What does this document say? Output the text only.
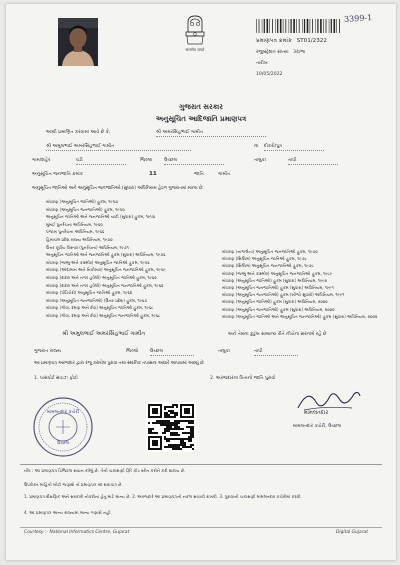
सत्यमेव जयते
3399-1
પ્રમાણપત્ર ક્રમાંક ST01/2322
રજીસ્ટ્રેશન સંખ્યા 34/ભા
તારીખ
10/05/2022
ગુજરાત સરકાર
અનુસૂચિત આદિજાતિ પ્રમાણપત્ર
આથી પ્રમાણિત કરવામાં આવે છે કે,	શ્રી અમરસિંહભાઈ ગામીત
શ્રી અમુલભાઈ અમરસિંહભાઈ ગામીત	ના દીકરો/પુત્ર
ગામ/શહેર	વડી	જિલ્લા	ઉચ્છલ	તાલુકા	તાપી
અનુસૂચિત જનજાતિ ક્રમાંક	11	જાતિ	ગામીત
અનુસૂચિત જાતિઓ અને અનુસૂચિત જનજાતિઓ (સુધારા) અધિનિયમ હેઠળ ગુજરાતમાં માન્ય છે.
બંધારણ (અનુસૂચિત જાતિઓ) હુકમ, ૧૯૫૦
બંધારણ (અનુસૂચિત જનજાતિઓ) હુકમ, ૧૯૫૦
અનુસૂચિત જાતિઓ અને જનજાતિઓ યાદી (સુધારા) હુકમ, ૧૯૫૬
મુંબઈ પુનર્રચના અધિનિયમ, ૧૯૬૦
પંજાબ પુનર્રચના અધિનિયમ, ૧૯૬૬
હિમાચલ પ્રદેશ રાજ્ય અધિનિયમ, ૧૯૭૦
ઉત્તર પૂર્વીય વિસ્તાર (પુનર્રચના) અધિનિયમ, ૧૯૭૧
અનુસૂચિત જાતિઓ અને જનજાતિઓ હુકમ (સુધારા) અધિનિયમ, ૧૯૭૬
બંધારણ (જમ્મુ અને કાશ્મીર) અનુસૂચિત જાતિઓ હુકમ, ૧૯૫૬
બંધારણ (આંદામાન અને નિકોબાર) અનુસૂચિત જનજાતિઓ હુકમ, ૧૯૫૯
બંધારણ (દાદરા અને નગર હવેલી) અનુસૂચિત જાતિઓ હુકમ, ૧૯૬૨
બંધારણ (દાદરા અને નગર હવેલી) અનુસૂચિત જનજાતિઓ હુકમ, ૧૯૬૨
બંધારણ (પોંડિચેરી) અનુસૂચિત જાતિઓ હુકમ, ૧૯૬૪
બંધારણ (અનુસૂચિત જનજાતિઓ) (ઉત્તર પ્રદેશ) હુકમ, ૧૯૬૭
બંધારણ (ગોવા, દમણ અને દીવ) અનુસૂચિત જાતિઓ હુકમ, ૧૯૬૮
બંધારણ (ગોવા, દમણ અને દીવ) અનુસૂચિત જનજાતિઓ હુકમ, ૧૯૬૮
બંધારણ (નાગાલેન્ડ) અનુસૂચિત જનજાતિઓ હુકમ, ૧૯૭૦
બંધારણ (સિક્કિમ) અનુસૂચિત જાતિઓ હુકમ, ૧૯૭૮
બંધારણ (સિક્કિમ) અનુસૂચિત જનજાતિઓ હુકમ, ૧૯૭૮
બંધારણ (જમ્મુ અને કાશ્મીર) અનુસૂચિત જનજાતિઓ હુકમ, ૧૯૮૯
બંધારણ (અનુસૂચિત જાતિઓ) હુકમ (સુધારા) અધિનિયમ, ૧૯૯૦
બંધારણ (અનુસૂચિત જનજાતિઓ) હુકમ (સુધારા) અધિનિયમ, ૧૯૯૧
બંધારણ (અનુસૂચિત જનજાતિઓ) હુકમ (બીજો સુધારો) અધિનિયમ, ૧૯૯૧
બંધારણ (અનુસૂચિત જાતિઓ) હુકમ (સુધારા) અધિનિયમ, ૨૦૦૨
બંધારણ (અનુસૂચિત જનજાતિઓ) હુકમ (સુધારા) અધિનિયમ, ૨૦૦૨
બંધારણ (અનુસૂચિત જાતિઓ અને અનુસૂચિત જનજાતિઓ) હુકમ (સુધારા) અધિનિયમ, ૨૦૦૨
શ્રી અમુલભાઈ અમરસિંહભાઈ ગામીત	અને તેમના કુટુંબ સામાન્ય રીતે નીચેના સરનામે રહે છે
ગુજરાત રાજ્ય	જિલ્લો	ઉચ્છલ	તાલુકા	તાપી
આ પ્રમાણપત્ર અરજદાર દ્વારા રજૂ કરાયેલ પુરાવા તથા સ્થાનિક તપાસના આધારે આપવામાં આવ્યું છે.
1. પાસપોર્ટ સાઇઝ ફોટો	2. અરજદારના પિતાનો જાતિ પુરાવો
મામલતદાર કચેરી
ઉચ્છલ
મામલતદાર
મામલતદાર કચેરી, ઉચ્છલ
નોંધ : આ પ્રમાણપત્ર ડિજિટલ સાઇન કરેલું છે. તેની ચકાસણી QR કોડ સ્કેન કરીને કરી શકાય છે.
ઉપરોક્ત માહિતી ખોટી જણાશે તો પ્રમાણપત્ર રદ થવાપાત્ર છે.
1. પ્રમાણપત્ર શૈક્ષણિક અને સરકારી નોકરીના હેતુ માટે માન્ય છે. 2. અરજદારે આ પ્રમાણપત્રની નકલ સાચવી રાખવી. 3. પુરાવાની ચકાસણી મામલતદાર કચેરીમાં કરવી.
4. આ પ્રમાણપત્ર અન્ય રાજ્યમાં માન્ય ગણાશે નહીં.
Courtesy :- National Informatics Centre, Gujarat	Digital Gujarat
